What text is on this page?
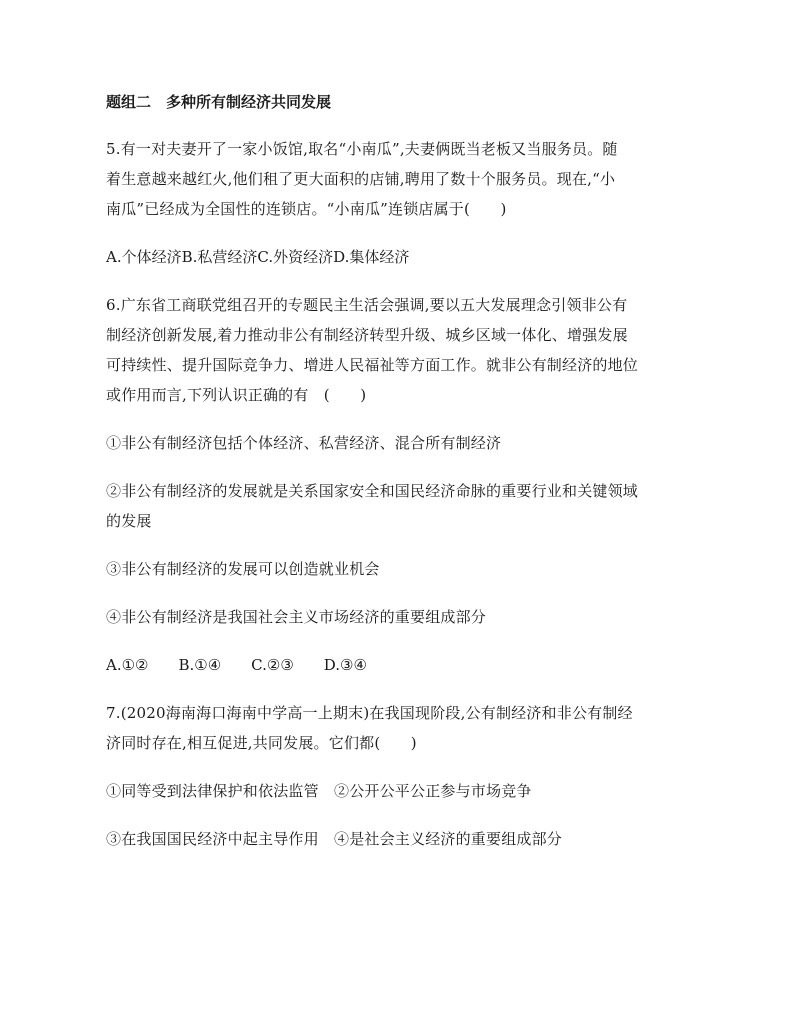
题组二　多种所有制经济共同发展
5.有一对夫妻开了一家小饭馆,取名“小南瓜”,夫妻俩既当老板又当服务员。随
着生意越来越红火,他们租了更大面积的店铺,聘用了数十个服务员。现在,“小
南瓜”已经成为全国性的连锁店。“小南瓜”连锁店属于(　　)
A.个体经济B.私营经济C.外资经济D.集体经济
6.广东省工商联党组召开的专题民主生活会强调,要以五大发展理念引领非公有
制经济创新发展,着力推动非公有制经济转型升级、城乡区域一体化、增强发展
可持续性、提升国际竞争力、增进人民福祉等方面工作。就非公有制经济的地位
或作用而言,下列认识正确的有　(　　)
①非公有制经济包括个体经济、私营经济、混合所有制经济
②非公有制经济的发展就是关系国家安全和国民经济命脉的重要行业和关键领域
的发展
③非公有制经济的发展可以创造就业机会
④非公有制经济是我国社会主义市场经济的重要组成部分
A.①②　　B.①④　　C.②③　　D.③④
7.(2020海南海口海南中学高一上期末)在我国现阶段,公有制经济和非公有制经
济同时存在,相互促进,共同发展。它们都(　　)
①同等受到法律保护和依法监管　②公开公平公正参与市场竞争
③在我国国民经济中起主导作用　④是社会主义经济的重要组成部分
